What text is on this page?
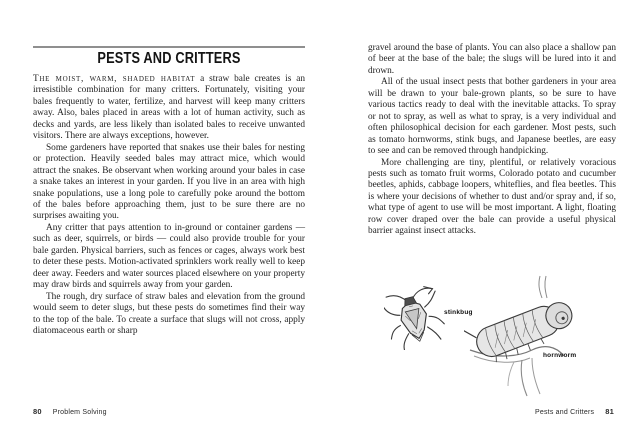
PESTS AND CRITTERS

The moist, warm, shaded habitat a straw bale creates is an irresistible combination for many critters. Fortunately, visiting your bales frequently to water, fertilize, and harvest will keep many critters away. Also, bales placed in areas with a lot of human activity, such as decks and yards, are less likely than isolated bales to receive unwanted visitors. There are always exceptions, however.

Some gardeners have reported that snakes use their bales for nesting or protection. Heavily seeded bales may attract mice, which would attract the snakes. Be observant when working around your bales in case a snake takes an interest in your garden. If you live in an area with high snake populations, use a long pole to carefully poke around the bottom of the bales before approaching them, just to be sure there are no surprises awaiting you.

Any critter that pays attention to in-ground or container gardens — such as deer, squirrels, or birds — could also provide trouble for your bale garden. Physical barriers, such as fences or cages, always work best to deter these pests. Motion-activated sprinklers work really well to keep deer away. Feeders and water sources placed elsewhere on your property may draw birds and squirrels away from your garden.

The rough, dry surface of straw bales and elevation from the ground would seem to deter slugs, but these pests do sometimes find their way to the top of the bale. To create a surface that slugs will not cross, apply diatomaceous earth or sharp

80 Problem Solving

gravel around the base of plants. You can also place a shallow pan of beer at the base of the bale; the slugs will be lured into it and drown.

All of the usual insect pests that bother gardeners in your area will be drawn to your bale-grown plants, so be sure to have various tactics ready to deal with the inevitable attacks. To spray or not to spray, as well as what to spray, is a very individual and often philosophical decision for each gardener. Most pests, such as tomato hornworms, stink bugs, and Japanese beetles, are easy to see and can be removed through handpicking.

More challenging are tiny, plentiful, or relatively voracious pests such as tomato fruit worms, Colorado potato and cucumber beetles, aphids, cabbage loopers, whiteflies, and flea beetles. This is where your decisions of whether to dust and/or spray and, if so, what type of agent to use will be most important. A light, floating row cover draped over the bale can provide a useful physical barrier against insect attacks.

stinkbug
hornworm
Pests and Critters 81
